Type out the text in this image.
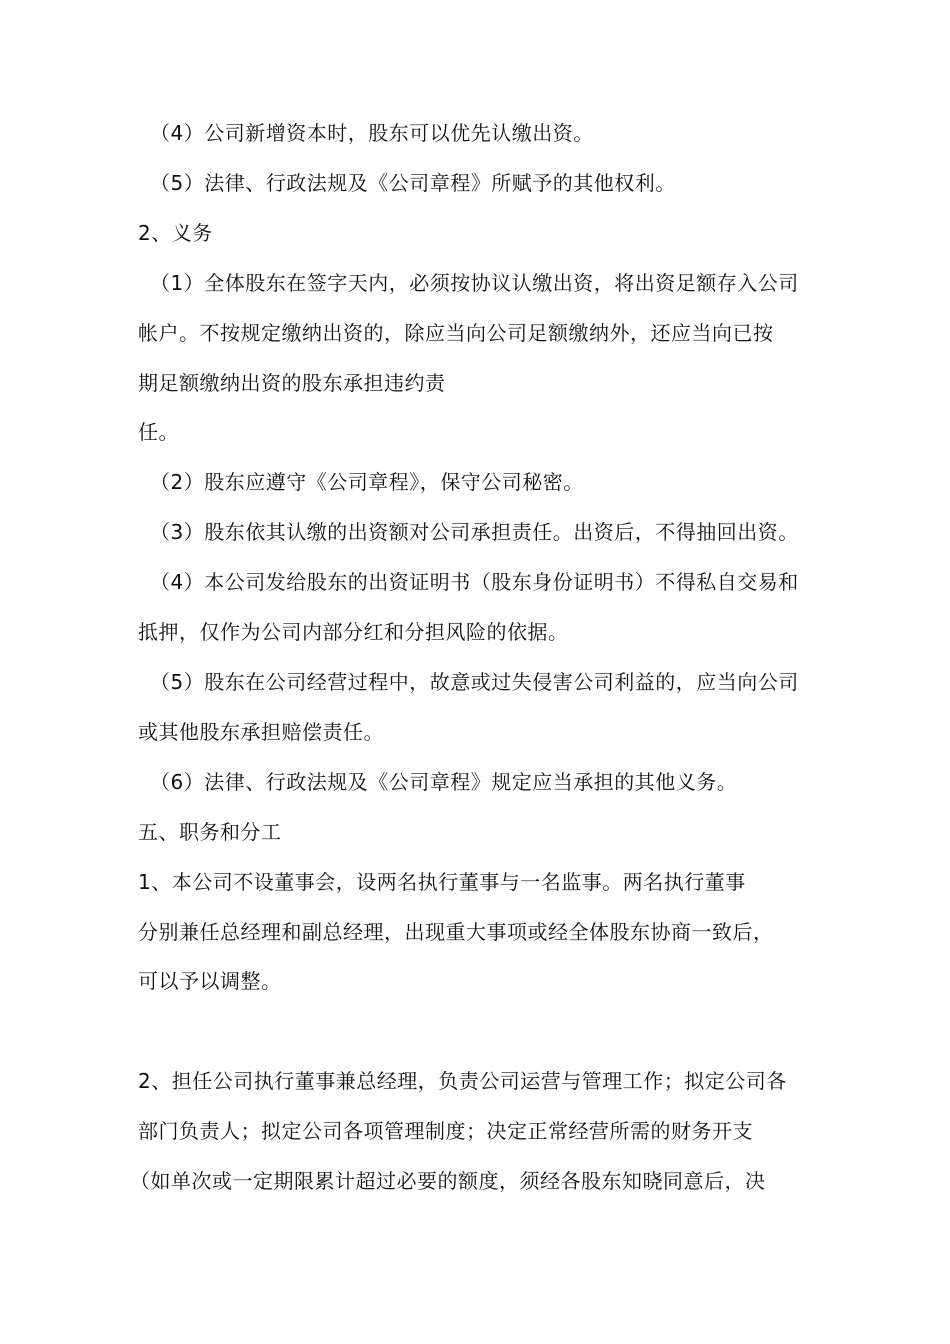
（4）公司新增资本时，股东可以优先认缴出资。
（5）法律、行政法规及《公司章程》所赋予的其他权利。
2、义务
（1）全体股东在签字天内，必须按协议认缴出资，将出资足额存入公司
帐户。不按规定缴纳出资的，除应当向公司足额缴纳外，还应当向已按
期足额缴纳出资的股东承担违约责
任。
（2）股东应遵守《公司章程》，保守公司秘密。
（3）股东依其认缴的出资额对公司承担责任。出资后，不得抽回出资。
（4）本公司发给股东的出资证明书（股东身份证明书）不得私自交易和
抵押，仅作为公司内部分红和分担风险的依据。
（5）股东在公司经营过程中，故意或过失侵害公司利益的，应当向公司
或其他股东承担赔偿责任。
（6）法律、行政法规及《公司章程》规定应当承担的其他义务。
五、职务和分工
1、本公司不设董事会，设两名执行董事与一名监事。两名执行董事
分别兼任总经理和副总经理，出现重大事项或经全体股东协商一致后，
可以予以调整。
2、担任公司执行董事兼总经理，负责公司运营与管理工作；拟定公司各
部门负责人；拟定公司各项管理制度；决定正常经营所需的财务开支
（如单次或一定期限累计超过必要的额度，须经各股东知晓同意后，决
